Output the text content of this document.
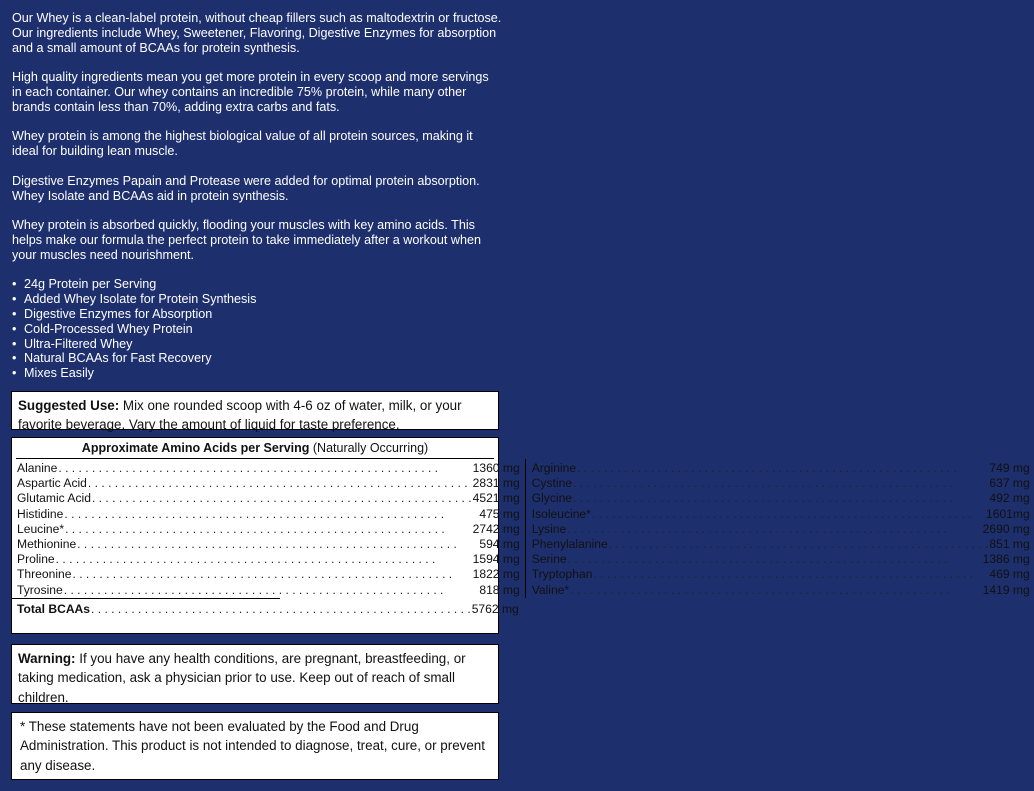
Our Whey is a clean-label protein, without cheap fillers such as maltodextrin or fructose. Our ingredients include Whey, Sweetener, Flavoring, Digestive Enzymes for absorption and a small amount of BCAAs for protein synthesis.

High quality ingredients mean you get more protein in every scoop and more servings in each container. Our whey contains an incredible 75% protein, while many other brands contain less than 70%, adding extra carbs and fats.

Whey protein is among the highest biological value of all protein sources, making it ideal for building lean muscle.

Digestive Enzymes Papain and Protease were added for optimal protein absorption. Whey Isolate and BCAAs aid in protein synthesis.

Whey protein is absorbed quickly, flooding your muscles with key amino acids. This helps make our formula the perfect protein to take immediately after a workout when your muscles need nourishment.

• 24g Protein per Serving
• Added Whey Isolate for Protein Synthesis
• Digestive Enzymes for Absorption
• Cold-Processed Whey Protein
• Ultra-Filtered Whey
• Natural BCAAs for Fast Recovery
• Mixes Easily
Suggested Use: Mix one rounded scoop with 4-6 oz of water, milk, or your favorite beverage. Vary the amount of liquid for taste preference.
Approximate Amino Acids per Serving (Naturally Occurring)
Alanine . . .	1360 mg
Aspartic Acid . . .	2831 mg
Glutamic Acid . . .	4521 mg
Histidine . . .	475 mg
Leucine* . . .	2742 mg
Methionine . . .	594 mg
Proline . . .	1594 mg
Threonine . . .	1822 mg
Tyrosine . . .	818 mg
Arginine . . .	749 mg
Cystine . . .	637 mg
Glycine . . .	492 mg
Isoleucine* . . .	1601mg
Lysine . . .	2690 mg
Phenylalanine . . .	851 mg
Serine . . .	1386 mg
Tryptophan . . .	469 mg
Valine* . . .	1419 mg
Total BCAAs . . .	5762 mg
Warning: If you have any health conditions, are pregnant, breastfeeding, or taking medication, ask a physician prior to use. Keep out of reach of small children.
* These statements have not been evaluated by the Food and Drug Administration. This product is not intended to diagnose, treat, cure, or prevent any disease.
